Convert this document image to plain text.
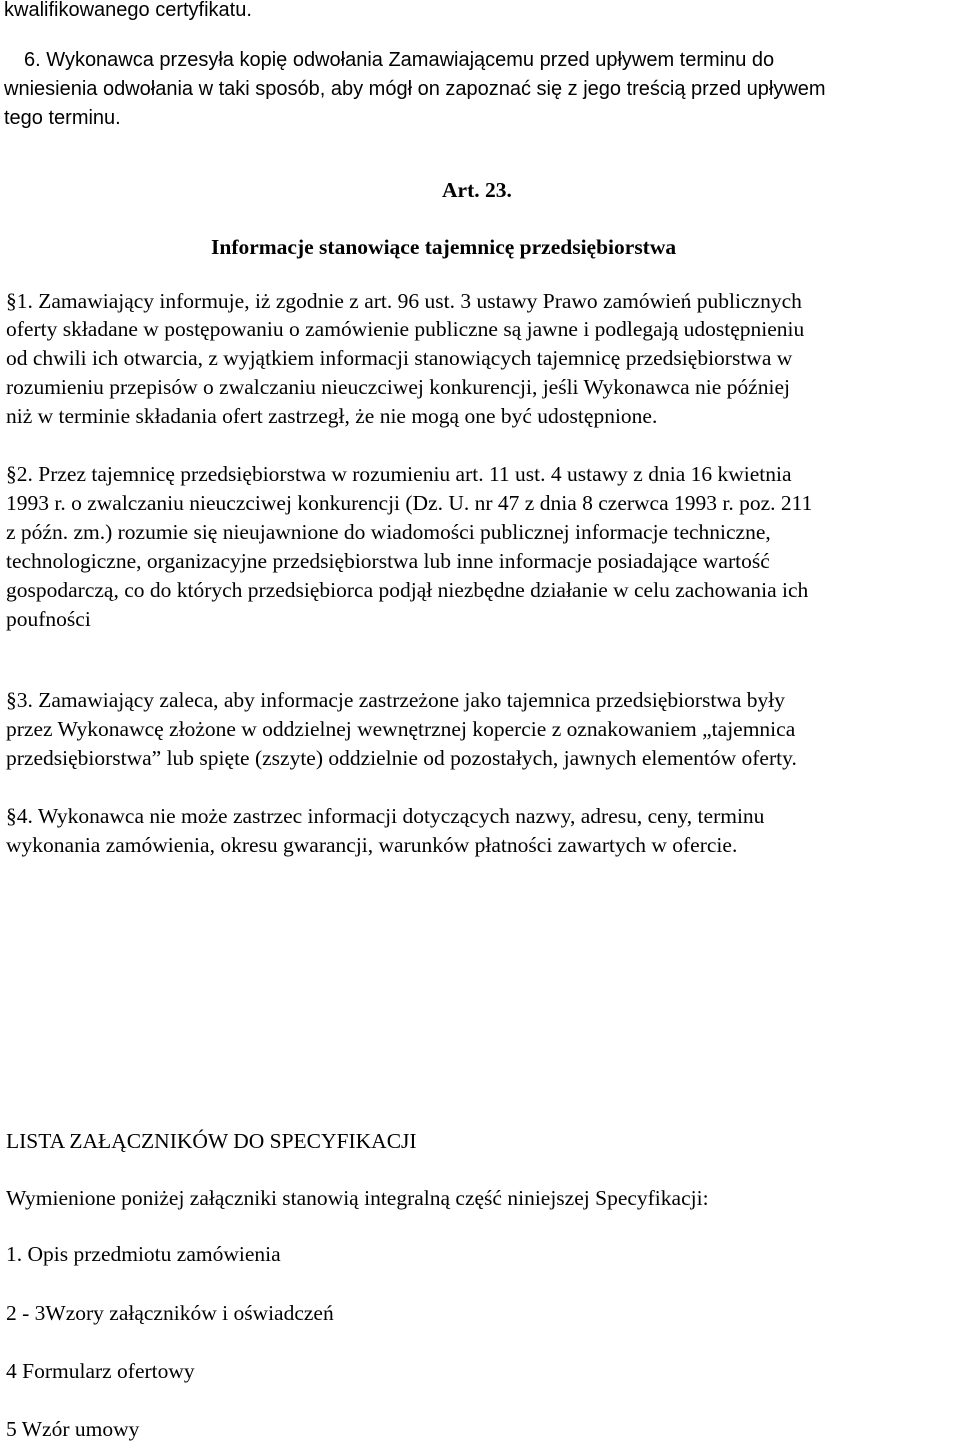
kwalifikowanego certyfikatu.
6. Wykonawca przesyła kopię odwołania Zamawiającemu przed upływem terminu do
wniesienia odwołania w taki sposób, aby mógł on zapoznać się z jego treścią przed upływem
tego terminu.
Art. 23.
Informacje stanowiące tajemnicę przedsiębiorstwa
§1. Zamawiający informuje, iż zgodnie z art. 96 ust. 3 ustawy Prawo zamówień publicznych
oferty składane w postępowaniu o zamówienie publiczne są jawne i podlegają udostępnieniu
od chwili ich otwarcia, z wyjątkiem informacji stanowiących tajemnicę przedsiębiorstwa w
rozumieniu przepisów o zwalczaniu nieuczciwej konkurencji, jeśli Wykonawca nie później
niż w terminie składania ofert zastrzegł, że nie mogą one być udostępnione.
§2. Przez tajemnicę przedsiębiorstwa w rozumieniu art. 11 ust. 4 ustawy z dnia 16 kwietnia
1993 r. o zwalczaniu nieuczciwej konkurencji (Dz. U. nr 47 z dnia 8 czerwca 1993 r. poz. 211
z późn. zm.) rozumie się nieujawnione do wiadomości publicznej informacje techniczne,
technologiczne, organizacyjne przedsiębiorstwa lub inne informacje posiadające wartość
gospodarczą, co do których przedsiębiorca podjął niezbędne działanie w celu zachowania ich
poufności
§3. Zamawiający zaleca, aby informacje zastrzeżone jako tajemnica przedsiębiorstwa były
przez Wykonawcę złożone w oddzielnej wewnętrznej kopercie z oznakowaniem „tajemnica
przedsiębiorstwa” lub spięte (zszyte) oddzielnie od pozostałych, jawnych elementów oferty.
§4. Wykonawca nie może zastrzec informacji dotyczących nazwy, adresu, ceny, terminu
wykonania zamówienia, okresu gwarancji, warunków płatności zawartych w ofercie.
LISTA ZAŁĄCZNIKÓW DO SPECYFIKACJI
Wymienione poniżej załączniki stanowią integralną część niniejszej Specyfikacji:
1. Opis przedmiotu zamówienia
2 - 3Wzory załączników i oświadczeń
4 Formularz ofertowy
5 Wzór umowy
